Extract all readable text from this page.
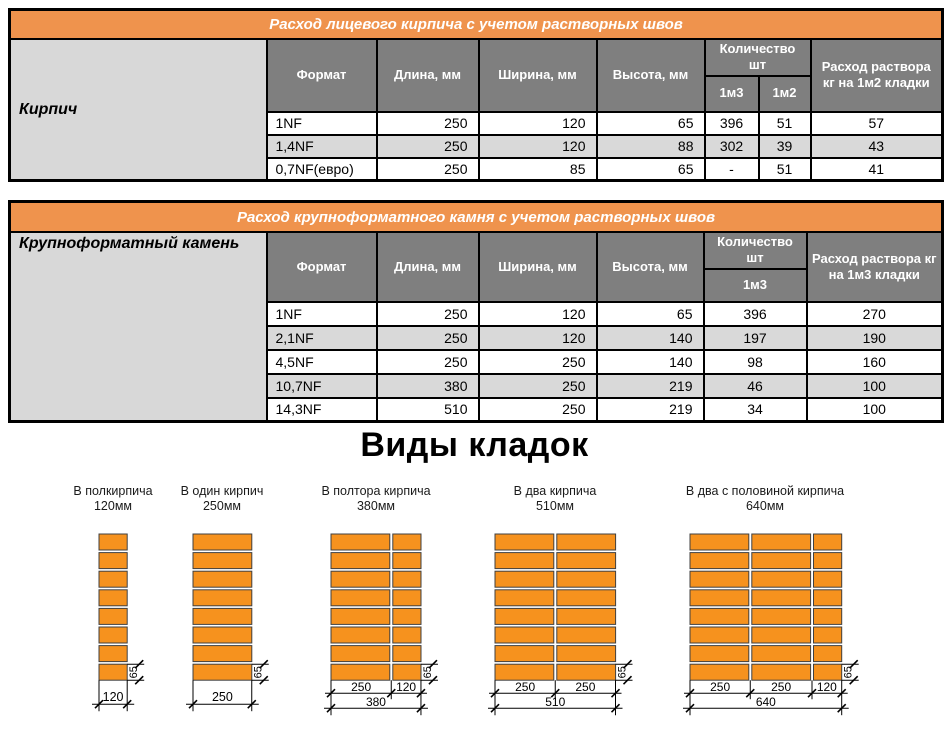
Расход лицевого кирпича с учетом растворных швов							
Кирпич	Формат	Длина, мм	Ширина, мм	Высота, мм	Количество шт		Расход раствора кг на 1м2 кладки
					1м3	1м2	
	1NF	250	120	65	396	51	57
	1,4NF	250	120	88	302	39	43
	0,7NF(евро)	250	85	65	-	51	41
Расход крупноформатного камня с учетом растворных швов						
Крупноформатный камень	Формат	Длина, мм	Ширина, мм	Высота, мм	Количество шт	Расход раствора кг на 1м3 кладки
					1м3	
	1NF	250	120	65	396	270
	2,1NF	250	120	140	197	190
	4,5NF	250	250	140	98	160
	10,7NF	380	250	219	46	100
	14,3NF	510	250	219	34	100
Виды кладок
В полкирпича
120мм
В один кирпич
250мм
В полтора кирпича
380мм
В два кирпича
510мм
В два с половиной кирпича
640мм
65
120
65
250
65
250 120
380
65
250	250
510
65
250	250 120
640
